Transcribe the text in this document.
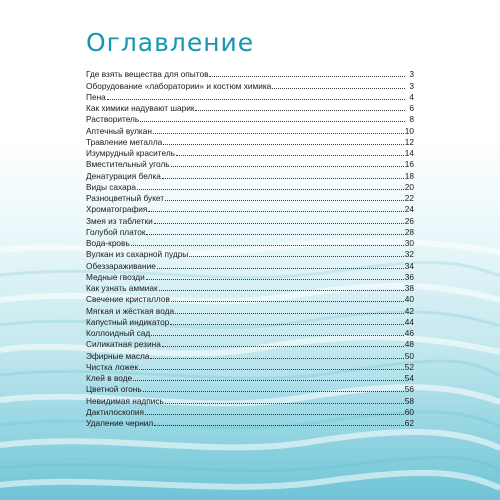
Оглавление
Где взять вещества для опытов	3
Оборудование «лаборатории» и костюм химика	3
Пена	4
Как химики надувают шарик	6
Растворитель	8
Аптечный вулкан	10
Травление металла	12
Изумрудный краситель	14
Вместительный уголь	16
Денатурация белка	18
Виды сахара	20
Разноцветный букет	22
Хроматография	24
Змея из таблетки	26
Голубой платок	28
Вода-кровь	30
Вулкан из сахарной пудры	32
Обеззараживание	34
Медные гвозди	36
Как узнать аммиак	38
Свечение кристаллов	40
Мягкая и жёсткая вода	42
Капустный индикатор	44
Коллоидный сад	46
Силикатная резина	48
Эфирные масла	50
Чистка ложек	52
Клей в воде	54
Цветной огонь	56
Невидимая надпись	58
Дактилоскопия	60
Удаление чернил	62
